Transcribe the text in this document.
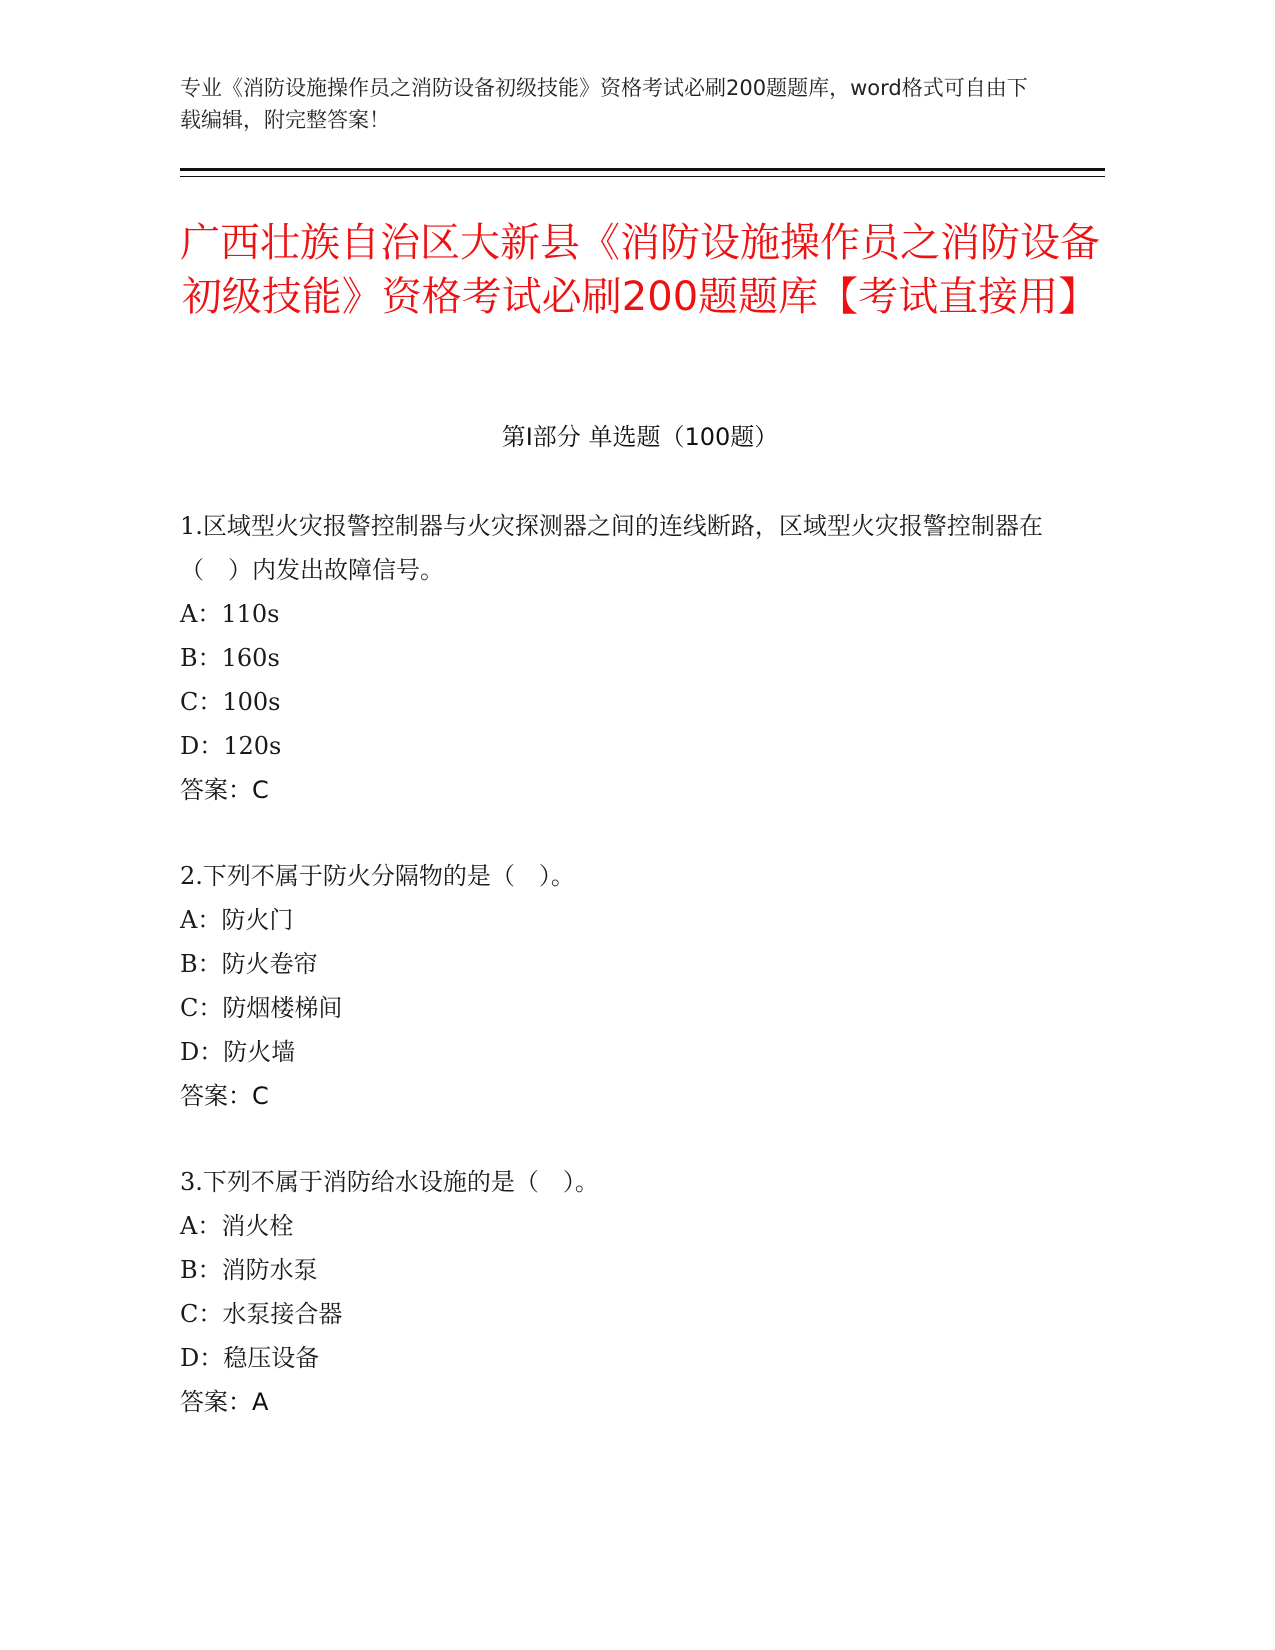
专业《消防设施操作员之消防设备初级技能》资格考试必刷200题题库，word格式可自由下载编辑，附完整答案！
广西壮族自治区大新县《消防设施操作员之消防设备初级技能》资格考试必刷200题题库【考试直接用】
第Ⅰ部分 单选题（100题）
1.区域型火灾报警控制器与火灾探测器之间的连线断路，区域型火灾报警控制器在（　）内发出故障信号。
A：110s
B：160s
C：100s
D：120s
答案：C
2.下列不属于防火分隔物的是（　）。
A：防火门
B：防火卷帘
C：防烟楼梯间
D：防火墙
答案：C
3.下列不属于消防给水设施的是（　）。
A：消火栓
B：消防水泵
C：水泵接合器
D：稳压设备
答案：A
